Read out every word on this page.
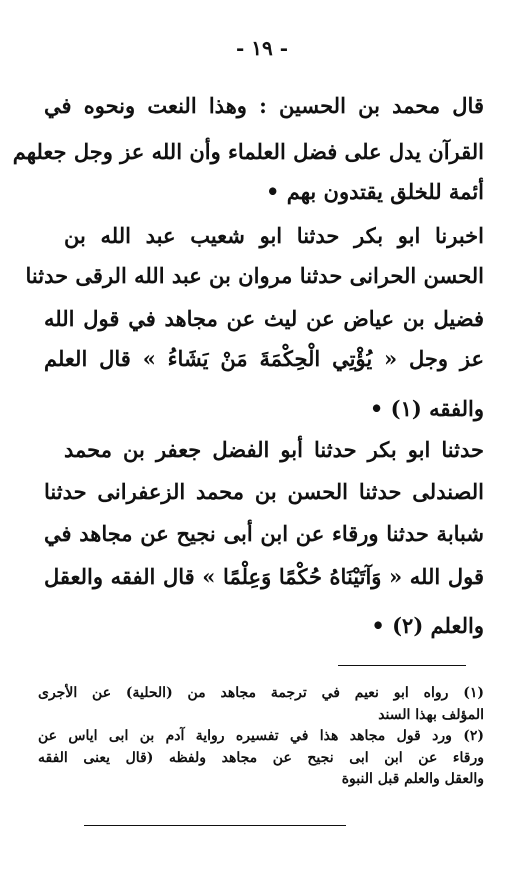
- ١٩ -
قال محمد بن الحسين : وهذا النعت ونحوه في
القرآن يدل على فضل العلماء وأن الله عز وجل جعلهم
أئمة للخلق يقتدون بهم •
اخبرنا ابو بكر حدثنا ابو شعيب عبد الله بن
الحسن الحرانى حدثنا مروان بن عبد الله الرقى حدثنا
فضيل بن عياض عن ليث عن مجاهد في قول الله
عز وجل « يُؤْتِي الْحِكْمَةَ مَنْ يَشَاءُ » قال العلم
والفقه (١) •
حدثنا ابو بكر حدثنا أبو الفضل جعفر بن محمد
الصندلى حدثنا الحسن بن محمد الزعفرانى حدثنا
شبابة حدثنا ورقاء عن ابن أبى نجيح عن مجاهد في
قول الله « وَآتَيْنَاهُ حُكْمًا وَعِلْمًا » قال الفقه والعقل
والعلم (٢) •
(١) رواه ابو نعيم في ترجمة مجاهد من (الحلية) عن الأجرى
المؤلف بهذا السند
(٢) ورد قول مجاهد هذا في تفسيره رواية آدم بن ابى اياس عن
ورقاء عن ابن ابى نجيح عن مجاهد ولفظه (قال يعنى الفقه
والعقل والعلم قبل النبوة
